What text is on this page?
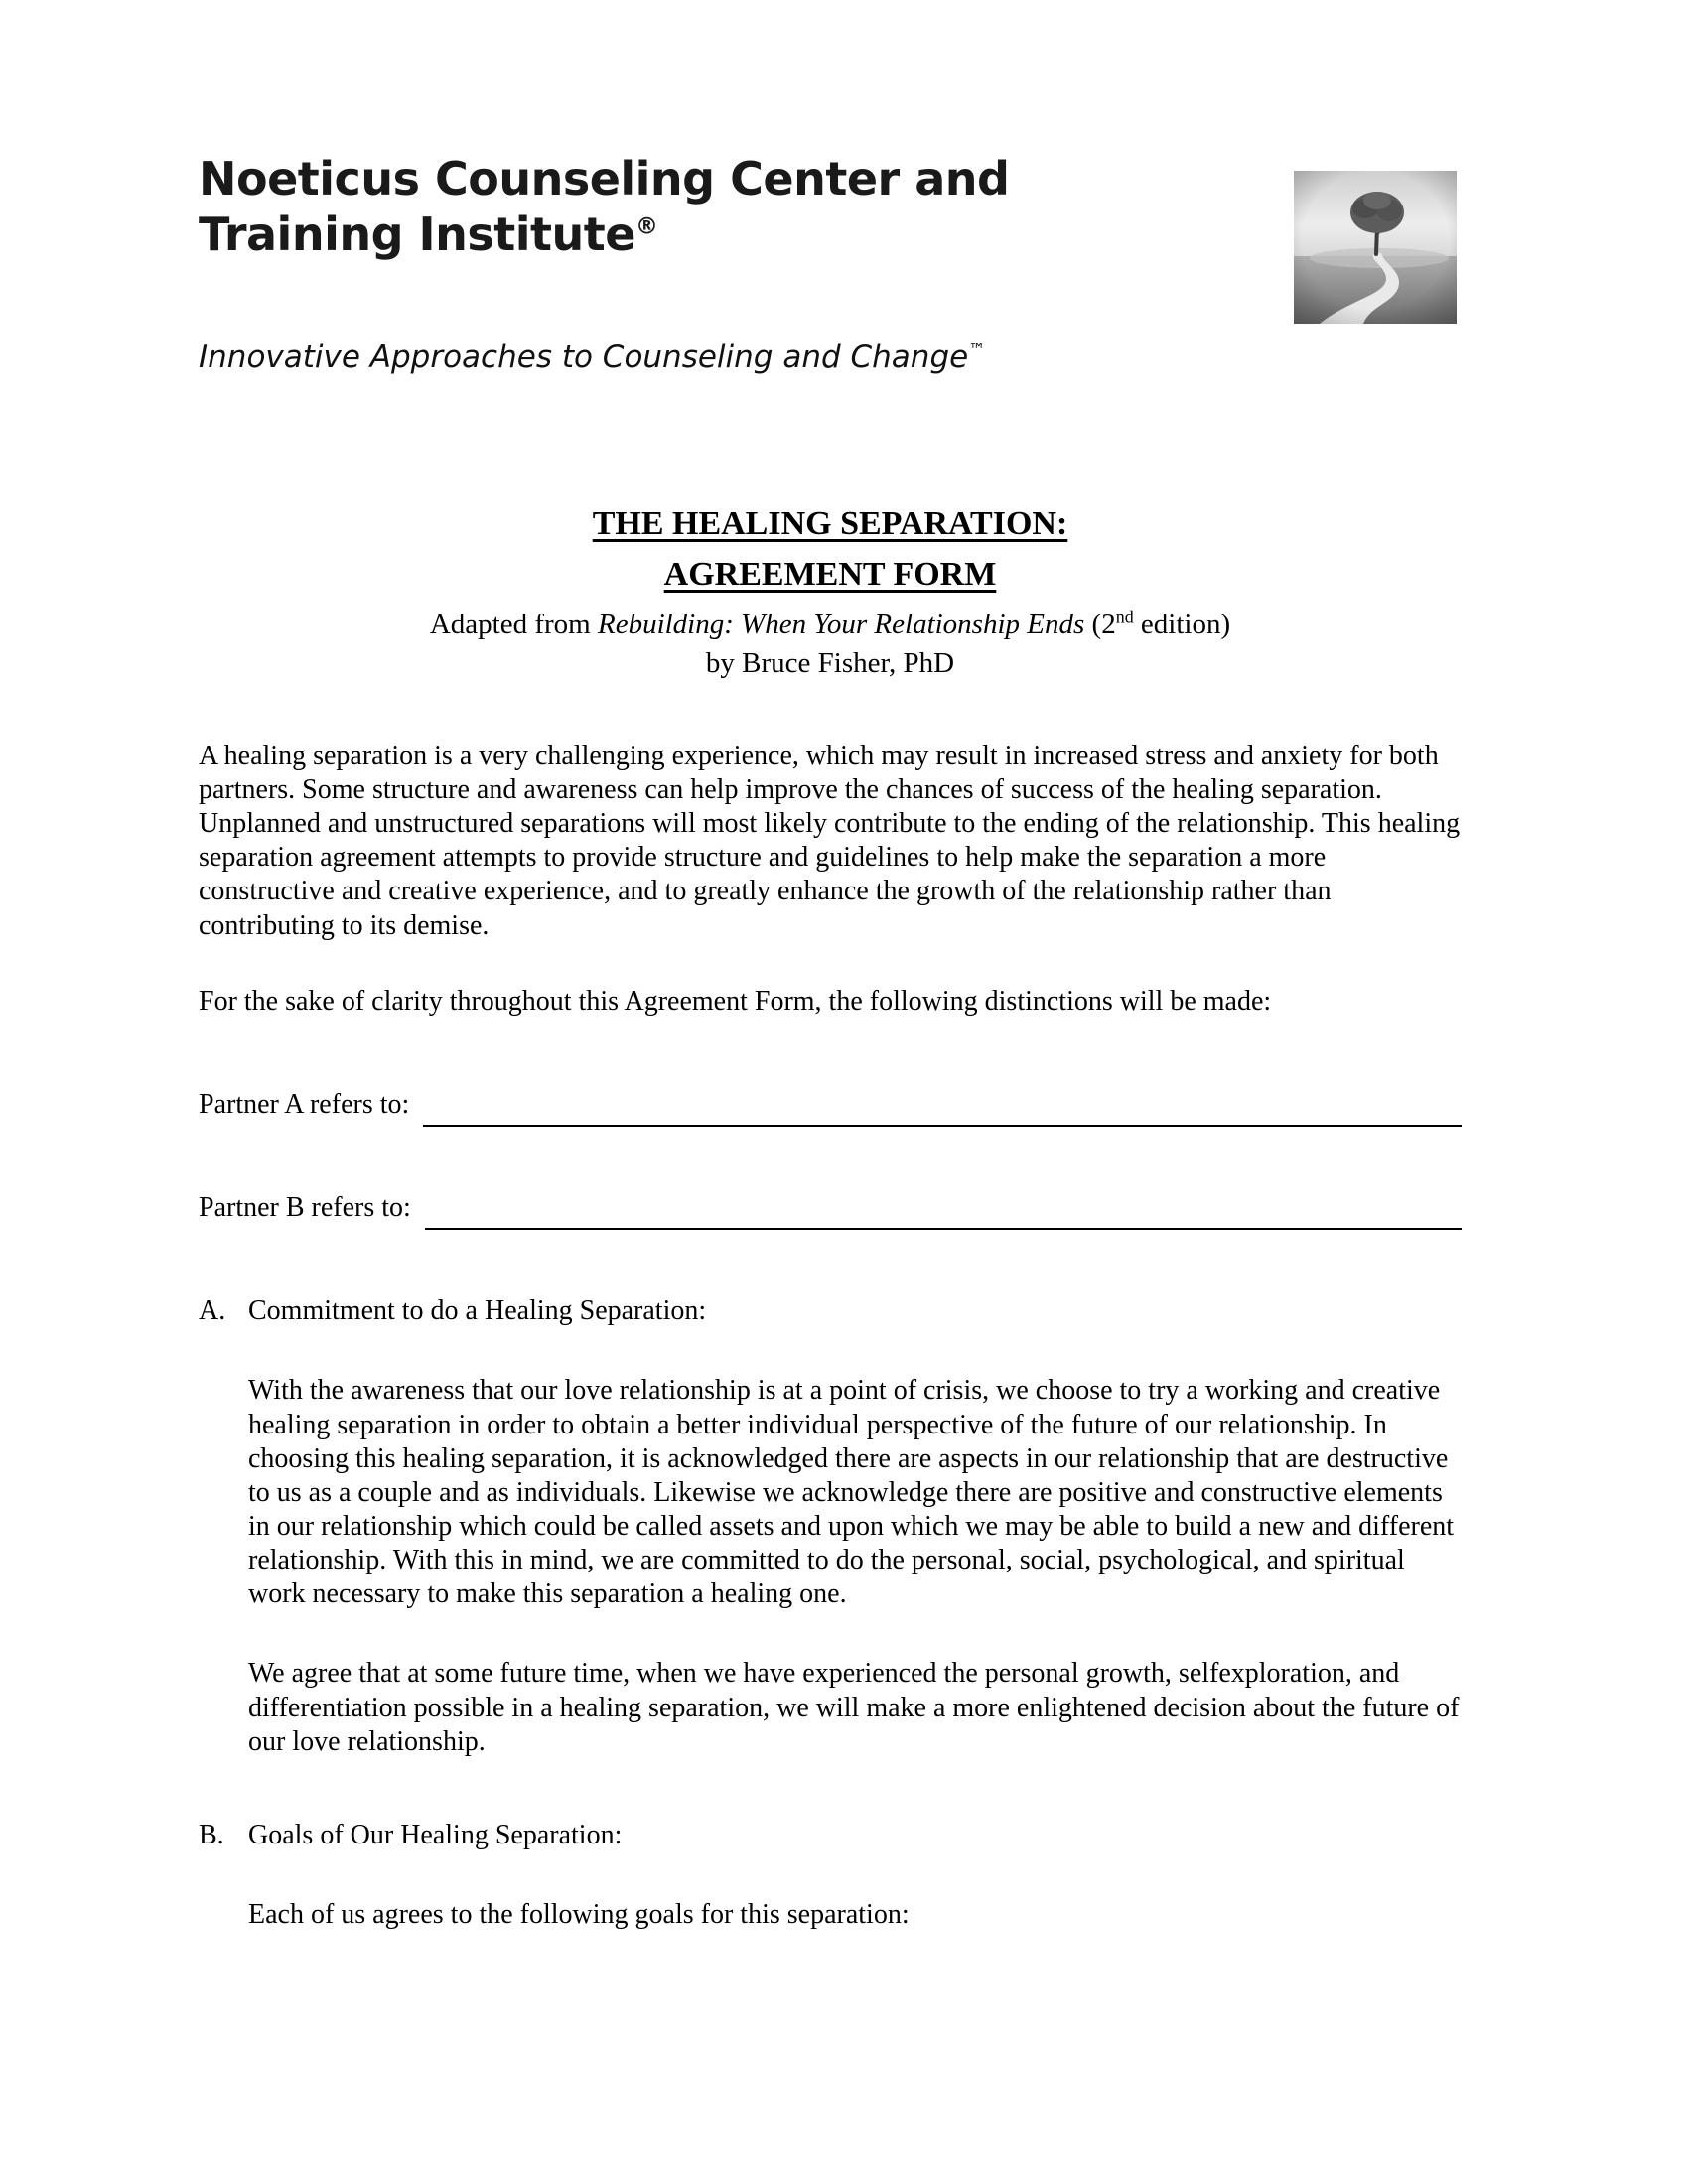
Noeticus Counseling Center and
Training Institute®
Innovative Approaches to Counseling and Change™
THE HEALING SEPARATION:
AGREEMENT FORM
Adapted from Rebuilding: When Your Relationship Ends (2nd edition)
by Bruce Fisher, PhD

A healing separation is a very challenging experience, which may result in increased stress and anxiety for both partners. Some structure and awareness can help improve the chances of success of the healing separation. Unplanned and unstructured separations will most likely contribute to the ending of the relationship. This healing separation agreement attempts to provide structure and guidelines to help make the separation a more constructive and creative experience, and to greatly enhance the growth of the relationship rather than contributing to its demise.

For the sake of clarity throughout this Agreement Form, the following distinctions will be made:

Partner A refers to:
Partner B refers to:
A. Commitment to do a Healing Separation:

With the awareness that our love relationship is at a point of crisis, we choose to try a working and creative healing separation in order to obtain a better individual perspective of the future of our relationship. In choosing this healing separation, it is acknowledged there are aspects in our relationship that are destructive to us as a couple and as individuals. Likewise we acknowledge there are positive and constructive elements in our relationship which could be called assets and upon which we may be able to build a new and different relationship. With this in mind, we are committed to do the personal, social, psychological, and spiritual work necessary to make this separation a healing one.

We agree that at some future time, when we have experienced the personal growth, selfexploration, and differentiation possible in a healing separation, we will make a more enlightened decision about the future of our love relationship.

B. Goals of Our Healing Separation:

Each of us agrees to the following goals for this separation:
